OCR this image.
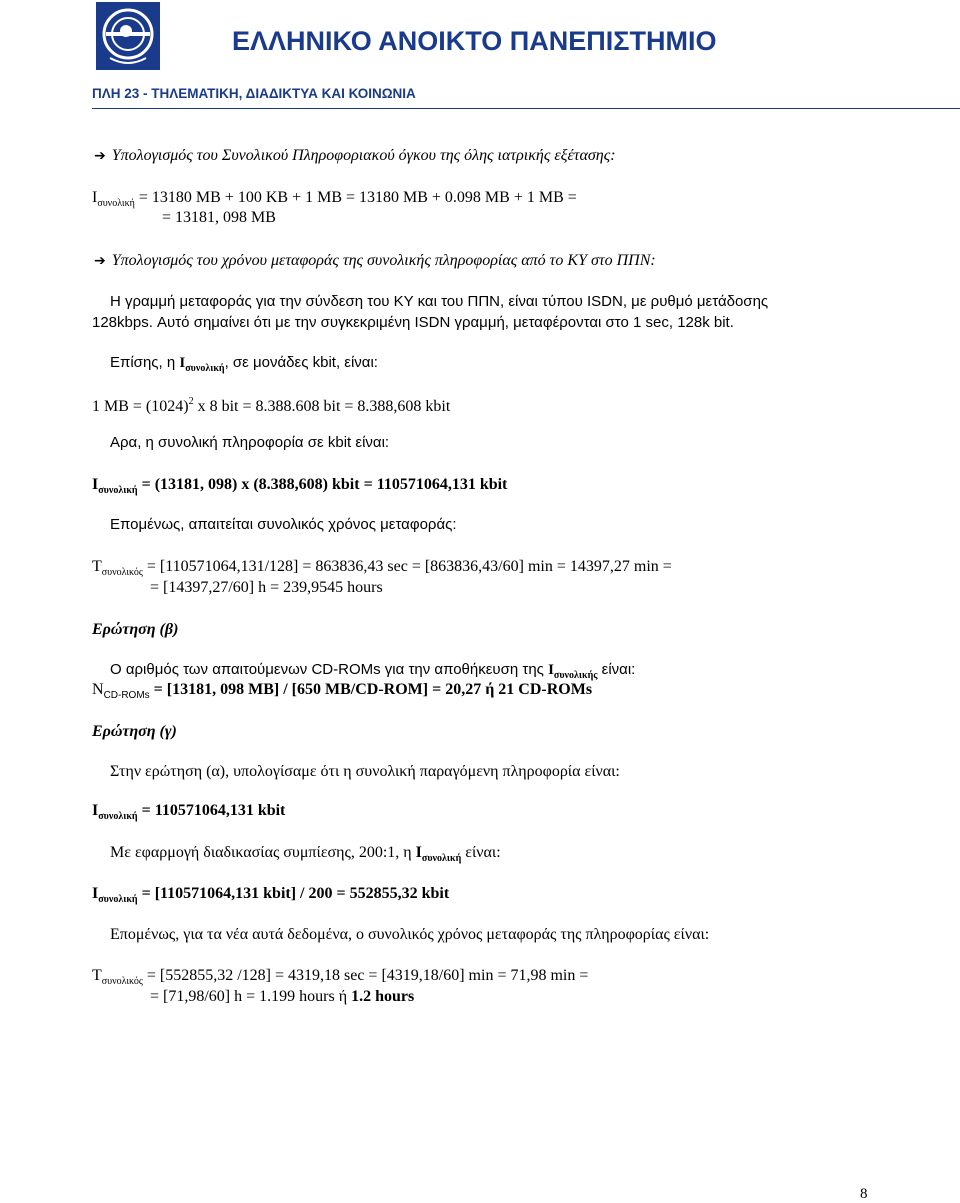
ΕΛΛΗΝΙΚΟ ΑΝΟΙΚΤΟ ΠΑΝΕΠΙΣΤΗΜΙΟ
ΠΛΗ 23 - ΤΗΛΕΜΑΤΙΚΗ, ΔΙΑΔΙΚΤΥΑ ΚΑΙ ΚΟΙΝΩΝΙΑ
➔ Υπολογισμός του Συνολικού Πληροφοριακού όγκου της όλης ιατρικής εξέτασης:
$I_{\sigma\upsilon\nu o\lambda\iota\kappa ή} = 13180$ MB + 100 KB + 1 MB = 13180 MB + 0.098 MB + 1 MB =
= 13181, 098 MB
➔ Υπολογισμός του χρόνου μεταφοράς της συνολικής πληροφορίας από το ΚΥ στο ΠΠΝ:
Η γραμμή μεταφοράς για την σύνδεση του ΚΥ και του ΠΠΝ, είναι τύπου ISDN, με ρυθμό μετάδοσης
128kbps. Αυτό σημαίνει ότι με την συγκεκριμένη ISDN γραμμή, μεταφέρονται στο 1 sec, 128k bit.
Επίσης, η $I_{\sigma\upsilon\nu o\lambda\iota\kappa ή}$, σε μονάδες kbit, είναι:
1 MB = $(1024)^2$ x 8 bit = 8.388.608 bit = 8.388,608 kbit
Αρα, η συνολική πληροφορία σε kbit είναι:
$I_{\sigma\upsilon\nu o\lambda\iota\kappa ή} = (13181$, 098) x (8.388,608) kbit = 110571064,131 kbit
Επομένως, απαιτείται συνολικός χρόνος μεταφοράς:
$T_{\sigma\upsilon\nu o\lambda\iota\kappa ό\varsigma} = [110571064,131/128] = 863836,43$ sec = [863836,43/60] min = 14397,27 min =
= [14397,27/60] h = 239,9545 hours
Ερώτηση (β)
Ο αριθμός των απαιτούμενων CD-ROMs για την αποθήκευση της $I_{\sigma\upsilon\nu o\lambda\iota\kappa ή\varsigma}$ είναι:
$N_{CD-ROMs} = [13181$, 098 MB] / [650 MB/CD-ROM] = 20,27 ή 21 CD-ROMs
Ερώτηση (γ)
Στην ερώτηση (α), υπολογίσαμε ότι η συνολική παραγόμενη πληροφορία είναι:
$I_{\sigma\upsilon\nu o\lambda\iota\kappa ή} = 110571064,131$ kbit
Με εφαρμογή διαδικασίας συμπίεσης, 200:1, η $I_{\sigma\upsilon\nu o\lambda\iota\kappa ή}$ είναι:
$I_{\sigma\upsilon\nu o\lambda\iota\kappa ή} = [110571064,131$ kbit] / 200 = 552855,32 kbit
Επομένως, για τα νέα αυτά δεδομένα, ο συνολικός χρόνος μεταφοράς της πληροφορίας είναι:
$T_{\sigma\upsilon\nu o\lambda\iota\kappa ό\varsigma} = [552855,32$ /128] = 4319,18 sec = [4319,18/60] min = 71,98 min =
= [71,98/60] h = 1.199 hours ή 1.2 hours
8
